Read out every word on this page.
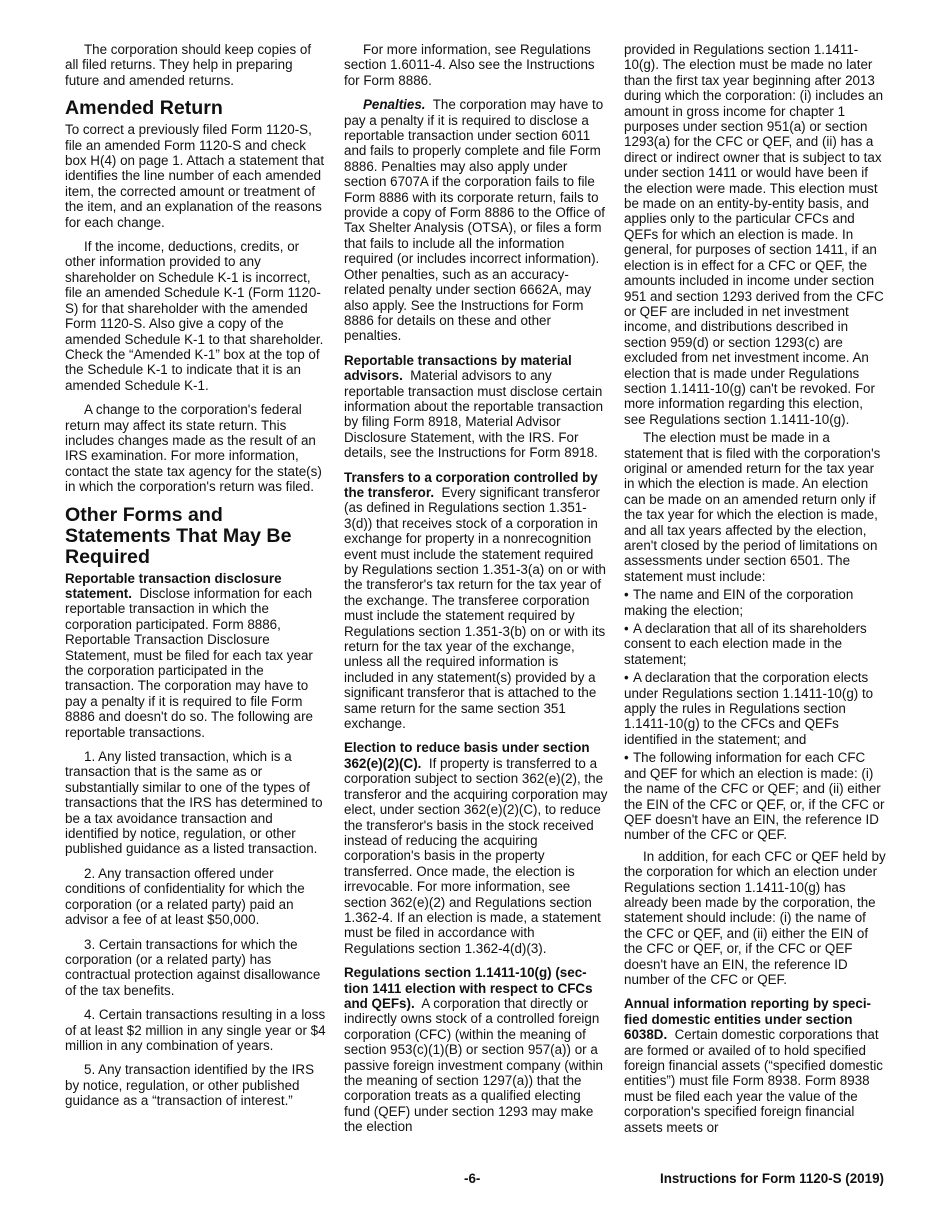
The corporation should keep copies of all filed returns. They help in preparing future and amended returns.

Amended Return

To correct a previously filed Form 1120-S, file an amended Form 1120-S and check box H(4) on page 1. Attach a statement that identifies the line number of each amended item, the corrected amount or treatment of the item, and an explanation of the reasons for each change.

If the income, deductions, credits, or other information provided to any shareholder on Schedule K-1 is incorrect, file an amended Schedule K-1 (Form 1120-S) for that shareholder with the amended Form 1120-S. Also give a copy of the amended Schedule K-1 to that shareholder. Check the “Amended K-1” box at the top of the Schedule K-1 to indicate that it is an amended Schedule K-1.

A change to the corporation's federal return may affect its state return. This includes changes made as the result of an IRS examination. For more information, contact the state tax agency for the state(s) in which the corporation's return was filed.

Other Forms and Statements That May Be Required

Reportable transaction disclosure statement. Disclose information for each reportable transaction in which the corporation participated. Form 8886, Reportable Transaction Disclosure Statement, must be filed for each tax year the corporation participated in the transaction. The corporation may have to pay a penalty if it is required to file Form 8886 and doesn't do so. The following are reportable transactions.

1. Any listed transaction, which is a transaction that is the same as or substantially similar to one of the types of transactions that the IRS has determined to be a tax avoidance transaction and identified by notice, regulation, or other published guidance as a listed transaction.

2. Any transaction offered under conditions of confidentiality for which the corporation (or a related party) paid an advisor a fee of at least $50,000.

3. Certain transactions for which the corporation (or a related party) has contractual protection against disallowance of the tax benefits.

4. Certain transactions resulting in a loss of at least $2 million in any single year or $4 million in any combination of years.

5. Any transaction identified by the IRS by notice, regulation, or other published guidance as a “transaction of interest.”

For more information, see Regulations section 1.6011-4. Also see the Instructions for Form 8886.

Penalties. The corporation may have to pay a penalty if it is required to disclose a reportable transaction under section 6011 and fails to properly complete and file Form 8886. Penalties may also apply under section 6707A if the corporation fails to file Form 8886 with its corporate return, fails to provide a copy of Form 8886 to the Office of Tax Shelter Analysis (OTSA), or files a form that fails to include all the information required (or includes incorrect information). Other penalties, such as an accuracy-related penalty under section 6662A, may also apply. See the Instructions for Form 8886 for details on these and other penalties.

Reportable transactions by material advisors. Material advisors to any reportable transaction must disclose certain information about the reportable transaction by filing Form 8918, Material Advisor Disclosure Statement, with the IRS. For details, see the Instructions for Form 8918.

Transfers to a corporation controlled by the transferor. Every significant transferor (as defined in Regulations section 1.351-3(d)) that receives stock of a corporation in exchange for property in a nonrecognition event must include the statement required by Regulations section 1.351-3(a) on or with the transferor's tax return for the tax year of the exchange. The transferee corporation must include the statement required by Regulations section 1.351-3(b) on or with its return for the tax year of the exchange, unless all the required information is included in any statement(s) provided by a significant transferor that is attached to the same return for the same section 351 exchange.

Election to reduce basis under section 362(e)(2)(C). If property is transferred to a corporation subject to section 362(e)(2), the transferor and the acquiring corporation may elect, under section 362(e)(2)(C), to reduce the transferor's basis in the stock received instead of reducing the acquiring corporation's basis in the property transferred. Once made, the election is irrevocable. For more information, see section 362(e)(2) and Regulations section 1.362-4. If an election is made, a statement must be filed in accordance with Regulations section 1.362-4(d)(3).

Regulations section 1.1411-10(g) (sec-tion 1411 election with respect to CFCs and QEFs). A corporation that directly or indirectly owns stock of a controlled foreign corporation (CFC) (within the meaning of section 953(c)(1)(B) or section 957(a)) or a passive foreign investment company (within the meaning of section 1297(a)) that the corporation treats as a qualified electing fund (QEF) under section 1293 may make the election

provided in Regulations section 1.1411-10(g). The election must be made no later than the first tax year beginning after 2013 during which the corporation: (i) includes an amount in gross income for chapter 1 purposes under section 951(a) or section 1293(a) for the CFC or QEF, and (ii) has a direct or indirect owner that is subject to tax under section 1411 or would have been if the election were made. This election must be made on an entity-by-entity basis, and applies only to the particular CFCs and QEFs for which an election is made. In general, for purposes of section 1411, if an election is in effect for a CFC or QEF, the amounts included in income under section 951 and section 1293 derived from the CFC or QEF are included in net investment income, and distributions described in section 959(d) or section 1293(c) are excluded from net investment income. An election that is made under Regulations section 1.1411-10(g) can't be revoked. For more information regarding this election, see Regulations section 1.1411-10(g).

The election must be made in a statement that is filed with the corporation's original or amended return for the tax year in which the election is made. An election can be made on an amended return only if the tax year for which the election is made, and all tax years affected by the election, aren't closed by the period of limitations on assessments under section 6501. The statement must include:

• The name and EIN of the corporation making the election;
• A declaration that all of its shareholders consent to each election made in the statement;
• A declaration that the corporation elects under Regulations section 1.1411-10(g) to apply the rules in Regulations section 1.1411-10(g) to the CFCs and QEFs identified in the statement; and
• The following information for each CFC and QEF for which an election is made: (i) the name of the CFC or QEF; and (ii) either the EIN of the CFC or QEF, or, if the CFC or QEF doesn't have an EIN, the reference ID number of the CFC or QEF.

In addition, for each CFC or QEF held by the corporation for which an election under Regulations section 1.1411-10(g) has already been made by the corporation, the statement should include: (i) the name of the CFC or QEF, and (ii) either the EIN of the CFC or QEF, or, if the CFC or QEF doesn't have an EIN, the reference ID number of the CFC or QEF.

Annual information reporting by speci-fied domestic entities under section 6038D. Certain domestic corporations that are formed or availed of to hold specified foreign financial assets (“specified domestic entities”) must file Form 8938. Form 8938 must be filed each year the value of the corporation's specified foreign financial assets meets or

-6-	Instructions for Form 1120-S (2019)
